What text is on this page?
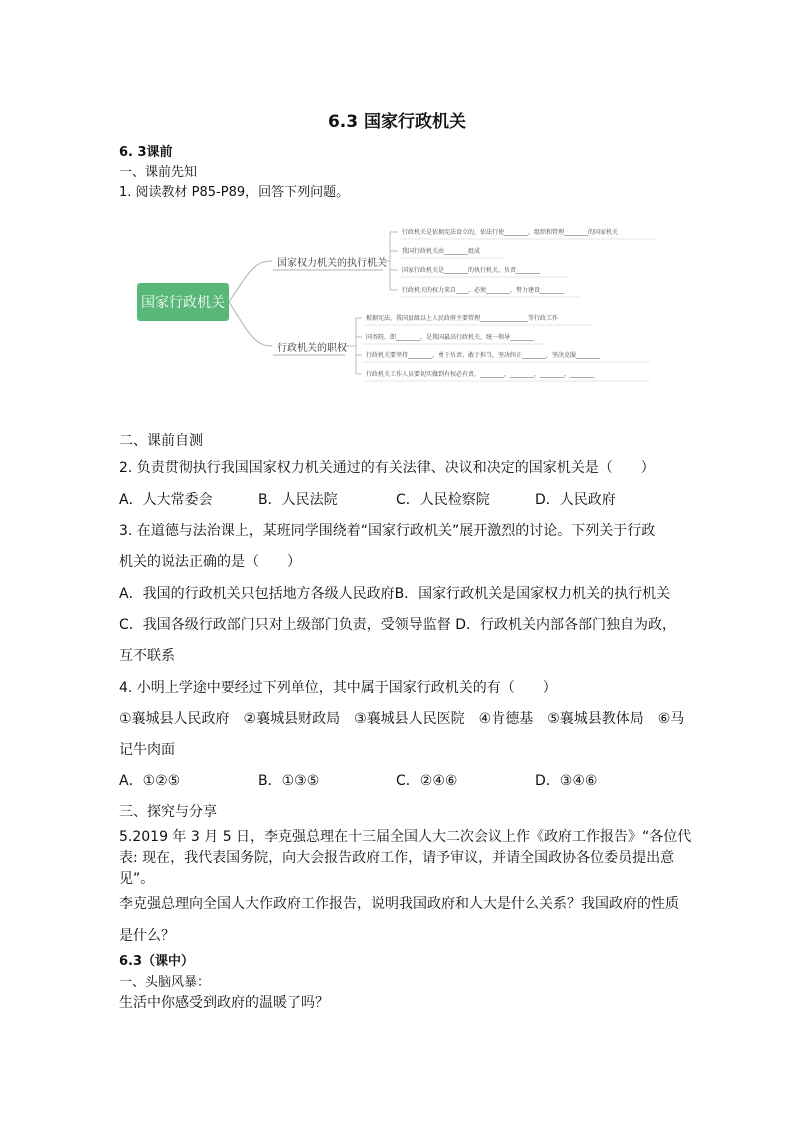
6.3 国家行政机关
6. 3课前
一、课前先知
1. 阅读教材 P85-P89，回答下列问题。
国家行政机关
国家权力机关的执行机关
行政机关的职权
行政机关是依据宪法设立的，依法行使________，组织和管理________的国家机关
我国行政机关由________组成
国家行政机关是________的执行机关，负责________
行政机关的权力来自____，必须________，努力建设________
根据宪法，我国县级以上人民政府主要管理________________等行政工作
国务院，即________，是我国最高行政机关，统一领导________
行政机关要坚持________，勇于负责、敢于担当，坚决纠正________，坚决克服________
行政机关工作人员要切实做到有权必有责，________，________，________，________
二、课前自测
2. 负责贯彻执行我国国家权力机关通过的有关法律、决议和决定的国家机关是（　　）
A．人大常委会	B．人民法院	C．人民检察院	D．人民政府
3. 在道德与法治课上，某班同学围绕着“国家行政机关”展开激烈的讨论。下列关于行政
机关的说法正确的是（　　）
A．我国的行政机关只包括地方各级人民政府B．国家行政机关是国家权力机关的执行机关
C．我国各级行政部门只对上级部门负责，受领导监督 D．行政机关内部各部门独自为政，
互不联系
4. 小明上学途中要经过下列单位，其中属于国家行政机关的有（　　）
①襄城县人民政府　②襄城县财政局　③襄城县人民医院　④肯德基　⑤襄城县教体局　⑥马
记牛肉面
A．①②⑤	B．①③⑤	C．②④⑥	D．③④⑥
三、探究与分享
5.2019 年 3 月 5 日，李克强总理在十三届全国人大二次会议上作《政府工作报告》“各位代
表: 现在，我代表国务院，向大会报告政府工作，请予审议，并请全国政协各位委员提出意
见”。
李克强总理向全国人大作政府工作报告，说明我国政府和人大是什么关系？我国政府的性质
是什么？
6.3（课中）
一、头脑风暴：
生活中你感受到政府的温暖了吗？
